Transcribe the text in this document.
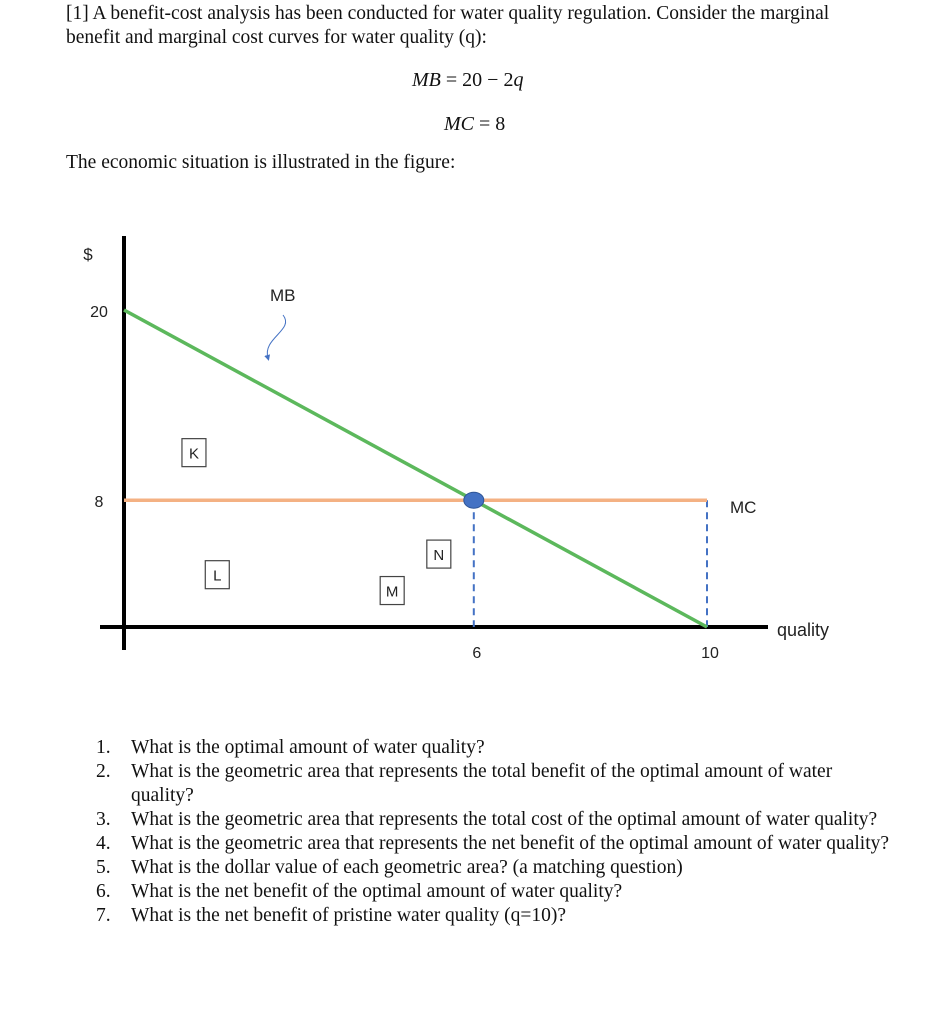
[1] A benefit-cost analysis has been conducted for water quality regulation. Consider the marginal benefit and marginal cost curves for water quality (q):
MB = 20 − 2q
MC = 8
The economic situation is illustrated in the figure:
$
quality
20
8
6	10
MB
MC
K
L
M
N
1.	What is the optimal amount of water quality?
2.	What is the geometric area that represents the total benefit of the optimal amount of water quality?
3.	What is the geometric area that represents the total cost of the optimal amount of water quality?
4.	What is the geometric area that represents the net benefit of the optimal amount of water quality?
5.	What is the dollar value of each geometric area? (a matching question)
6.	What is the net benefit of the optimal amount of water quality?
7.	What is the net benefit of pristine water quality (q=10)?
